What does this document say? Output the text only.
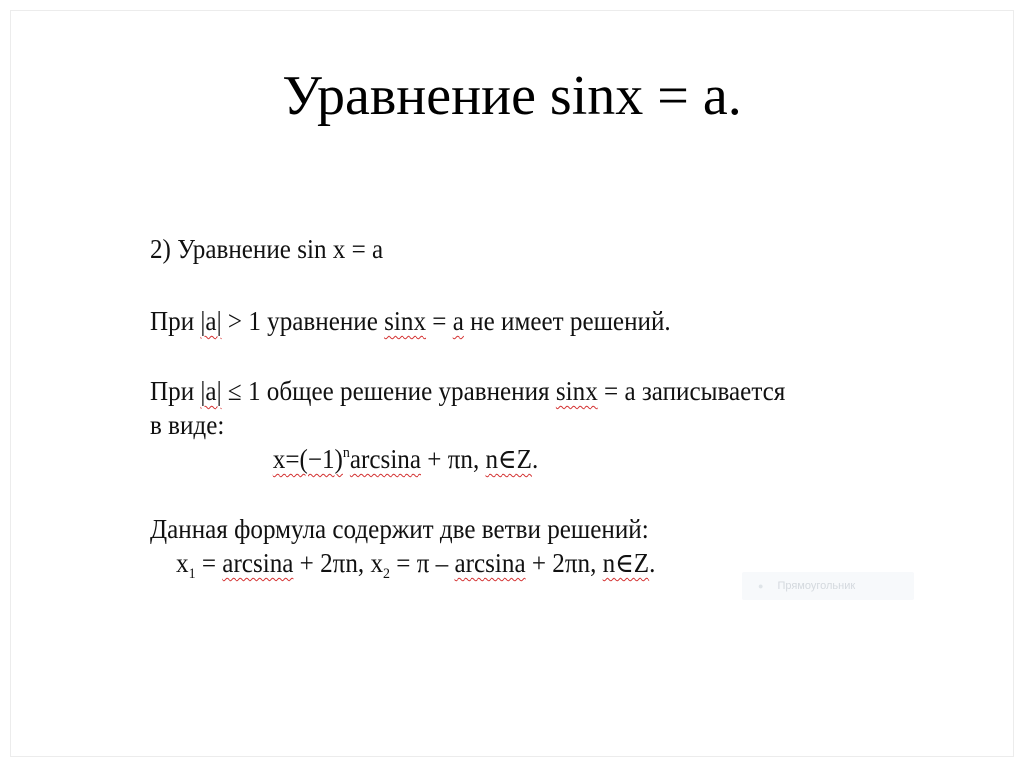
Уравнение sinx = а.

2) Уравнение sin x = а

При |а| > 1 уравнение sinx = а не имеет решений.

При |а| ≤ 1 общее решение уравнения sinx = а записывается

в виде:

$x=(-1)^n\arcsin a + \pi n$, n∈Z.

Данная формула содержит две ветви решений:

$x_1 = \arcsin a + 2\pi n$, $x_2 = \pi - \arcsin a + 2\pi n$, n∈Z.

● Прямоугольник
